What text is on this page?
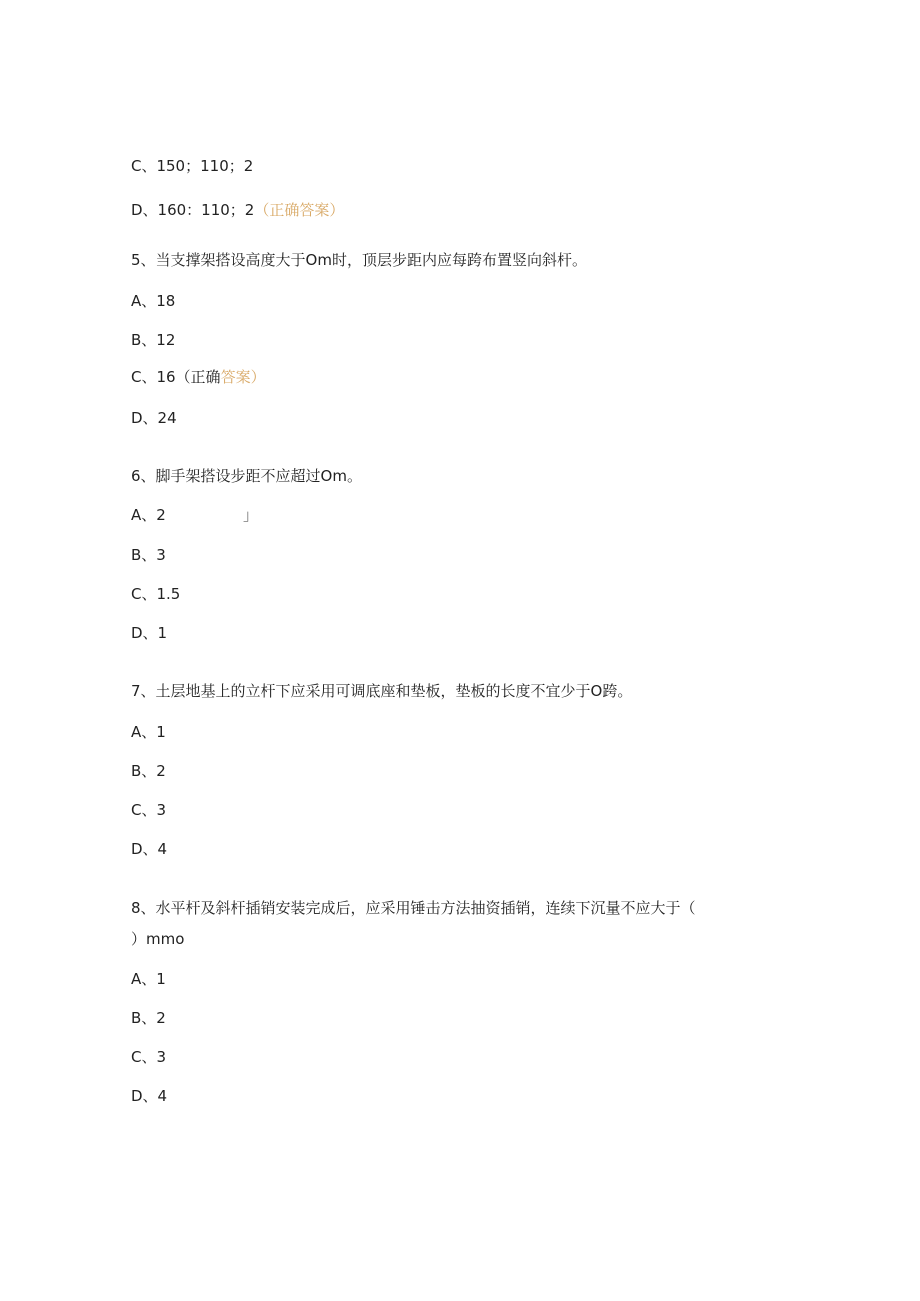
C、150；110；2
D、160：110；2（正确答案）
5、当支撑架搭设高度大于Om时，顶层步距内应每跨布置竖向斜杆。
A、18
B、12
C、16（正确答案）
D、24
6、脚手架搭设步距不应超过Om。
A、2	」
B、3
C、1.5
D、1
7、土层地基上的立杆下应采用可调底座和垫板，垫板的长度不宜少于O跨。
A、1
B、2
C、3
D、4
8、水平杆及斜杆插销安装完成后，应采用锤击方法抽资插销，连续下沉量不应大于（
）mmo
A、1
B、2
C、3
D、4
